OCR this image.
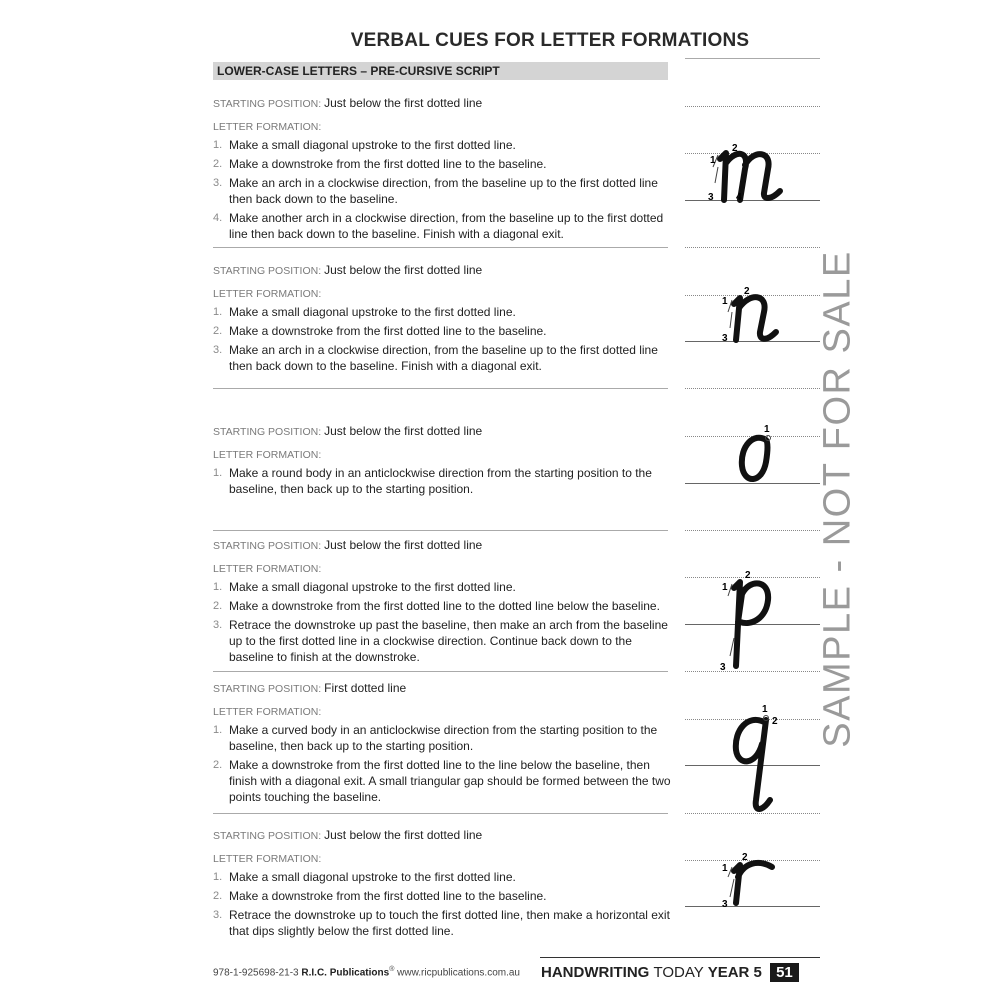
VERBAL CUES FOR LETTER FORMATIONS
LOWER-CASE LETTERS – PRE-CURSIVE SCRIPT
STARTING POSITION: Just below the first dotted line
LETTER FORMATION:
1. Make a small diagonal upstroke to the first dotted line.
2. Make a downstroke from the first dotted line to the baseline.
3. Make an arch in a clockwise direction, from the baseline up to the first dotted line then back down to the baseline.
4. Make another arch in a clockwise direction, from the baseline up to the first dotted line then back down to the baseline. Finish with a diagonal exit.
STARTING POSITION: Just below the first dotted line
LETTER FORMATION:
1. Make a small diagonal upstroke to the first dotted line.
2. Make a downstroke from the first dotted line to the baseline.
3. Make an arch in a clockwise direction, from the baseline up to the first dotted line then back down to the baseline. Finish with a diagonal exit.
STARTING POSITION: Just below the first dotted line
LETTER FORMATION:
1. Make a round body in an anticlockwise direction from the starting position to the baseline, then back up to the starting position.
STARTING POSITION: Just below the first dotted line
LETTER FORMATION:
1. Make a small diagonal upstroke to the first dotted line.
2. Make a downstroke from the first dotted line to the dotted line below the baseline.
3. Retrace the downstroke up past the baseline, then make an arch from the baseline up to the first dotted line in a clockwise direction. Continue back down to the baseline to finish at the downstroke.
STARTING POSITION: First dotted line
LETTER FORMATION:
1. Make a curved body in an anticlockwise direction from the starting position to the baseline, then back up to the starting position.
2. Make a downstroke from the first dotted line to the line below the baseline, then finish with a diagonal exit. A small triangular gap should be formed between the two points touching the baseline.
STARTING POSITION: Just below the first dotted line
LETTER FORMATION:
1. Make a small diagonal upstroke to the first dotted line.
2. Make a downstroke from the first dotted line to the baseline.
3. Retrace the downstroke up to touch the first dotted line, then make a horizontal exit that dips slightly below the first dotted line.
1
2
3 4
1
2
3
1
1
2
3
1
2
1
2
3
SAMPLE - NOT FOR SALE
978-1-925698-21-3 R.I.C. Publications® www.ricpublications.com.au HANDWRITING TODAY YEAR 5 51
